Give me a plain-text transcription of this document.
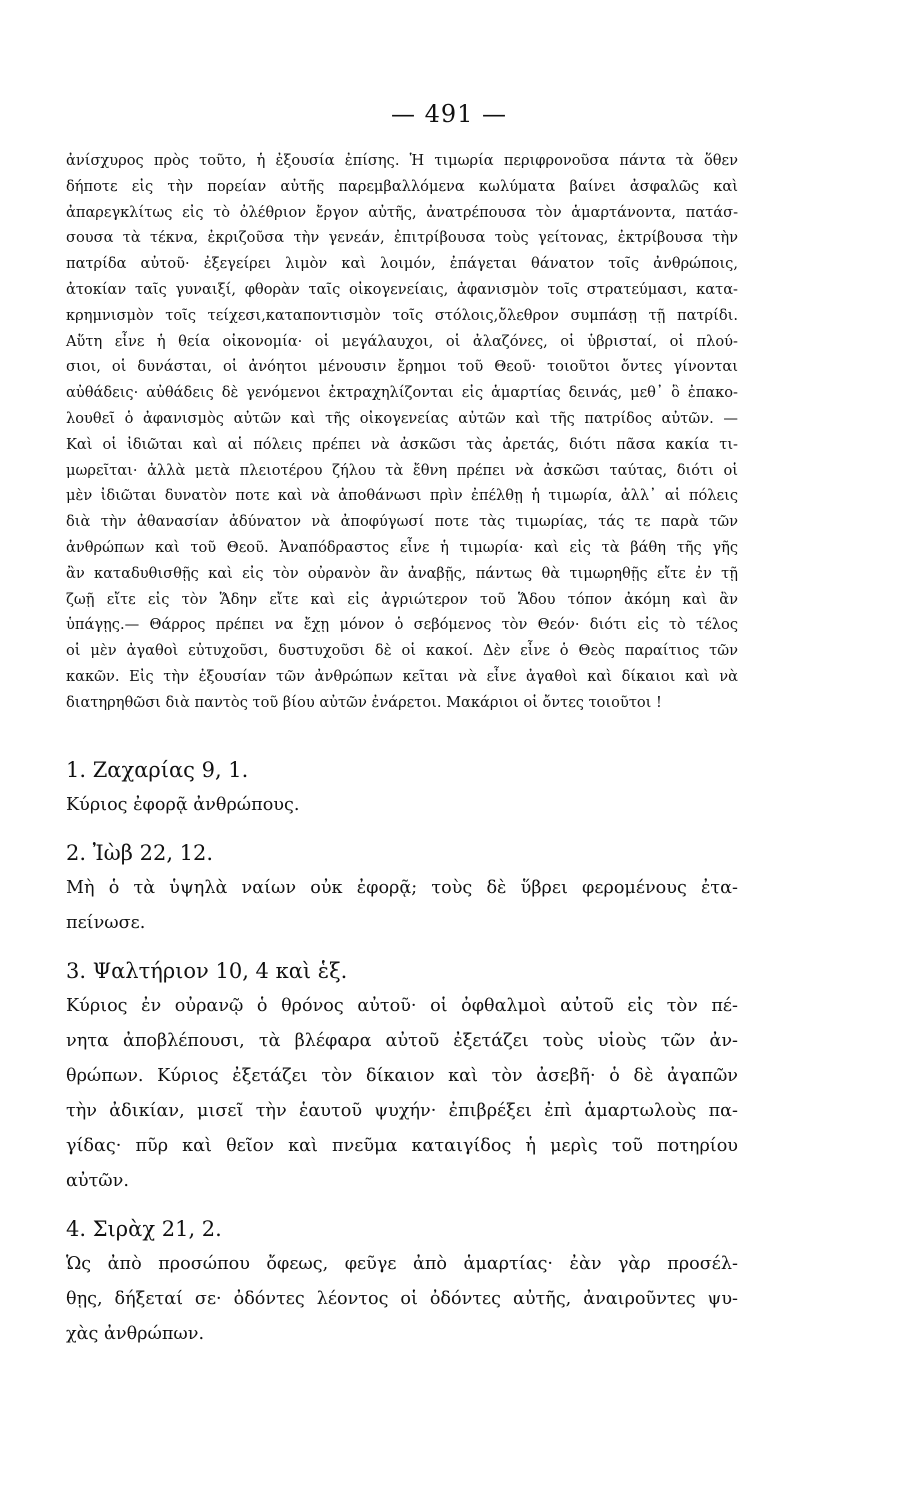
— 491 —
ἀνίσχυρος πρὸς τοῦτο, ἡ ἐξουσία ἐπίσης. Ἡ τιμωρία περιφρονοῦσα πάντα τὰ ὅθεν
δήποτε εἰς τὴν πορείαν αὐτῆς παρεμβαλλόμενα κωλύματα βαίνει ἀσφαλῶς καὶ
ἀπαρεγκλίτως εἰς τὸ ὀλέθριον ἔργον αὐτῆς, ἀνατρέπουσα τὸν ἁμαρτάνοντα, πατάσ-
σουσα τὰ τέκνα, ἐκριζοῦσα τὴν γενεάν, ἐπιτρίβουσα τοὺς γείτονας, ἐκτρίβουσα τὴν
πατρίδα αὐτοῦ· ἐξεγείρει λιμὸν καὶ λοιμόν, ἐπάγεται θάνατον τοῖς ἀνθρώποις,
ἀτοκίαν ταῖς γυναιξί, φθορὰν ταῖς οἰκογενείαις, ἀφανισμὸν τοῖς στρατεύμασι, κατα-
κρημνισμὸν τοῖς τείχεσι,καταποντισμὸν τοῖς στόλοις,ὄλεθρον συμπάσῃ τῇ πατρίδι.
Αὕτη εἶνε ἡ θεία οἰκονομία· οἱ μεγάλαυχοι, οἱ ἀλαζόνες, οἱ ὑβρισταί, οἱ πλού-
σιοι, οἱ δυνάσται, οἱ ἀνόητοι μένουσιν ἔρημοι τοῦ Θεοῦ· τοιοῦτοι ὄντες γίνονται
αὐθάδεις· αὐθάδεις δὲ γενόμενοι ἐκτραχηλίζονται εἰς ἁμαρτίας δεινάς, μεθ᾽ ὃ ἐπακο-
λουθεῖ ὁ ἀφανισμὸς αὐτῶν καὶ τῆς οἰκογενείας αὐτῶν καὶ τῆς πατρίδος αὐτῶν. —
Καὶ οἱ ἰδιῶται καὶ αἱ πόλεις πρέπει νὰ ἀσκῶσι τὰς ἀρετάς, διότι πᾶσα κακία τι-
μωρεῖται· ἀλλὰ μετὰ πλειοτέρου ζήλου τὰ ἔθνη πρέπει νὰ ἀσκῶσι ταύτας, διότι οἱ
μὲν ἰδιῶται δυνατὸν ποτε καὶ νὰ ἀποθάνωσι πρὶν ἐπέλθῃ ἡ τιμωρία, ἀλλ᾽ αἱ πόλεις
διὰ τὴν ἀθανασίαν ἀδύνατον νὰ ἀποφύγωσί ποτε τὰς τιμωρίας, τάς τε παρὰ τῶν
ἀνθρώπων καὶ τοῦ Θεοῦ. Ἀναπόδραστος εἶνε ἡ τιμωρία· καὶ εἰς τὰ βάθη τῆς γῆς
ἂν καταδυθισθῇς καὶ εἰς τὸν οὐρανὸν ἂν ἀναβῇς, πάντως θὰ τιμωρηθῇς εἴτε ἐν τῇ
ζωῇ εἴτε εἰς τὸν Ἅδην εἴτε καὶ εἰς ἀγριώτερον τοῦ Ἅδου τόπον ἀκόμη καὶ ἂν
ὑπάγῃς.— Θάρρος πρέπει να ἔχῃ μόνον ὁ σεβόμενος τὸν Θεόν· διότι εἰς τὸ τέλος
οἱ μὲν ἀγαθοὶ εὐτυχοῦσι, δυστυχοῦσι δὲ οἱ κακοί. Δὲν εἶνε ὁ Θεὸς παραίτιος τῶν
κακῶν. Εἰς τὴν ἐξουσίαν τῶν ἀνθρώπων κεῖται νὰ εἶνε ἀγαθοὶ καὶ δίκαιοι καὶ νὰ
διατηρηθῶσι διὰ παντὸς τοῦ βίου αὐτῶν ἐνάρετοι. Μακάριοι οἱ ὄντες τοιοῦτοι !
1. Ζαχαρίας 9, 1.
Κύριος ἐφορᾷ ἀνθρώπους.
2. Ἰὼβ 22, 12.
Μὴ ὁ τὰ ὑψηλὰ ναίων οὐκ ἐφορᾷ; τοὺς δὲ ὕβρει φερομένους ἐτα-
πείνωσε.
3. Ψαλτήριον 10, 4 καὶ ἑξ.
Κύριος ἐν οὐρανῷ ὁ θρόνος αὐτοῦ· οἱ ὀφθαλμοὶ αὐτοῦ εἰς τὸν πέ-
νητα ἀποβλέπουσι, τὰ βλέφαρα αὐτοῦ ἐξετάζει τοὺς υἱοὺς τῶν ἀν-
θρώπων. Κύριος ἐξετάζει τὸν δίκαιον καὶ τὸν ἀσεβῆ· ὁ δὲ ἀγαπῶν
τὴν ἀδικίαν, μισεῖ τὴν ἑαυτοῦ ψυχήν· ἐπιβρέξει ἐπὶ ἁμαρτωλοὺς πα-
γίδας· πῦρ καὶ θεῖον καὶ πνεῦμα καταιγίδος ἡ μερὶς τοῦ ποτηρίου
αὐτῶν.
4. Σιρὰχ 21, 2.
Ὡς ἀπὸ προσώπου ὄφεως, φεῦγε ἀπὸ ἁμαρτίας· ἐὰν γὰρ προσέλ-
θῃς, δήξεταί σε· ὀδόντες λέοντος οἱ ὀδόντες αὐτῆς, ἀναιροῦντες ψυ-
χὰς ἀνθρώπων.
